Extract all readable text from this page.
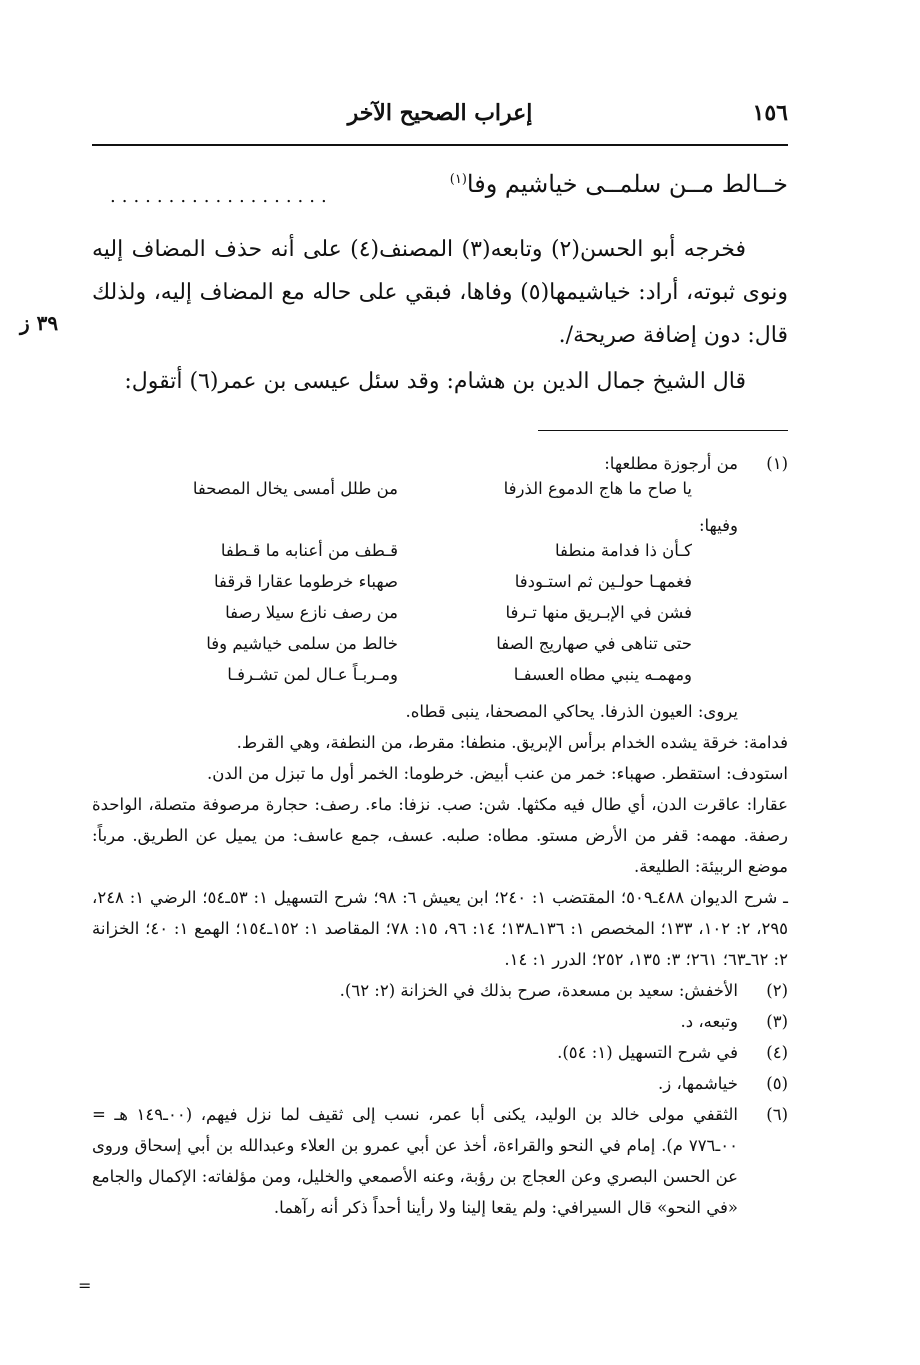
١٥٦
إعراب الصحيح الآخر
خــالط مــن سلمــى خياشيم وفا$^{(١)}$
...................
فخرجه أبو الحسن(٢) وتابعه(٣) المصنف(٤) على أنه حذف المضاف إليه ونوى ثبوته، أراد: خياشيمها(٥) وفاها، فبقي على حاله مع المضاف إليه، ولذلك قال: دون إضافة صريحة/.
٣٩ ز
قال الشيخ جمال الدين بن هشام: وقد سئل عيسى بن عمر(٦) أتقول:
(١)
من أرجوزة مطلعها:
يا صاح ما هاج الدموع الذرفا
من طلل أمسى يخال المصحفا
وفيها:
كـأن ذا فدامة منطفا
قـطف من أعنابه ما قـطفا
فغمهـا حولـين ثم استـودفا
صهباء خرطوما عقارا قرقفا
فشن في الإبـريق منها تـرفا
من رصف نازع سيلا رصفا
حتى تناهى في صهاريج الصفا
خالط من سلمى خياشيم وفا
ومهمـه ينبي مطاه العسفـا
ومـربـاً عـال لمن تشـرفـا
يروى: العيون الذرفا. يحاكي المصحفا، ينبى قطاه.
فدامة: خرقة يشده الخدام برأس الإبريق. منطفا: مقرط، من النطفة، وهي القرط.
استودف: استقطر. صهباء: خمر من عنب أبيض. خرطوما: الخمر أول ما تبزل من الدن.
عقارا: عاقرت الدن، أي طال فيه مكثها. شن: صب. نزفا: ماء. رصف: حجارة مرصوفة متصلة، الواحدة رصفة. مهمه: قفر من الأرض مستو. مطاه: صلبه. عسف، جمع عاسف: من يميل عن الطريق. مرباً: موضع الربيئة: الطليعة.
ـ شرح الديوان ٤٨٨ـ٥٠٩؛ المقتضب ١: ٢٤٠؛ ابن يعيش ٦: ٩٨؛ شرح التسهيل ١: ٥٣ـ٥٤؛ الرضي ١: ٢٤٨، ٢٩٥، ٢: ١٠٢، ١٣٣؛ المخصص ١: ١٣٦ـ١٣٨؛ ١٤: ٩٦، ١٥: ٧٨؛ المقاصد ١: ١٥٢ـ١٥٤؛ الهمع ١: ٤٠؛ الخزانة ٢: ٦٢ـ٦٣؛ ٢٦١؛ ٣: ١٣٥، ٢٥٢؛ الدرر ١: ١٤.
(٢)
الأخفش: سعيد بن مسعدة، صرح بذلك في الخزانة (٢: ٦٢).
(٣)
وتبعه، د.
(٤)
في شرح التسهيل (١: ٥٤).
(٥)
خياشمها، ز.
(٦)
الثقفي مولى خالد بن الوليد، يكنى أبا عمر، نسب إلى ثقيف لما نزل فيهم، (٠٠ـ١٤٩ هـ = ٠٠ـ٧٧٦ م). إمام في النحو والقراءة، أخذ عن أبي عمرو بن العلاء وعبدالله بن أبي إسحاق وروى عن الحسن البصري وعن العجاج بن رؤبة، وعنه الأصمعي والخليل، ومن مؤلفاته: الإكمال والجامع «في النحو» قال السيرافي: ولم يقعا إلينا ولا رأينا أحداً ذكر أنه رآهما.
=
